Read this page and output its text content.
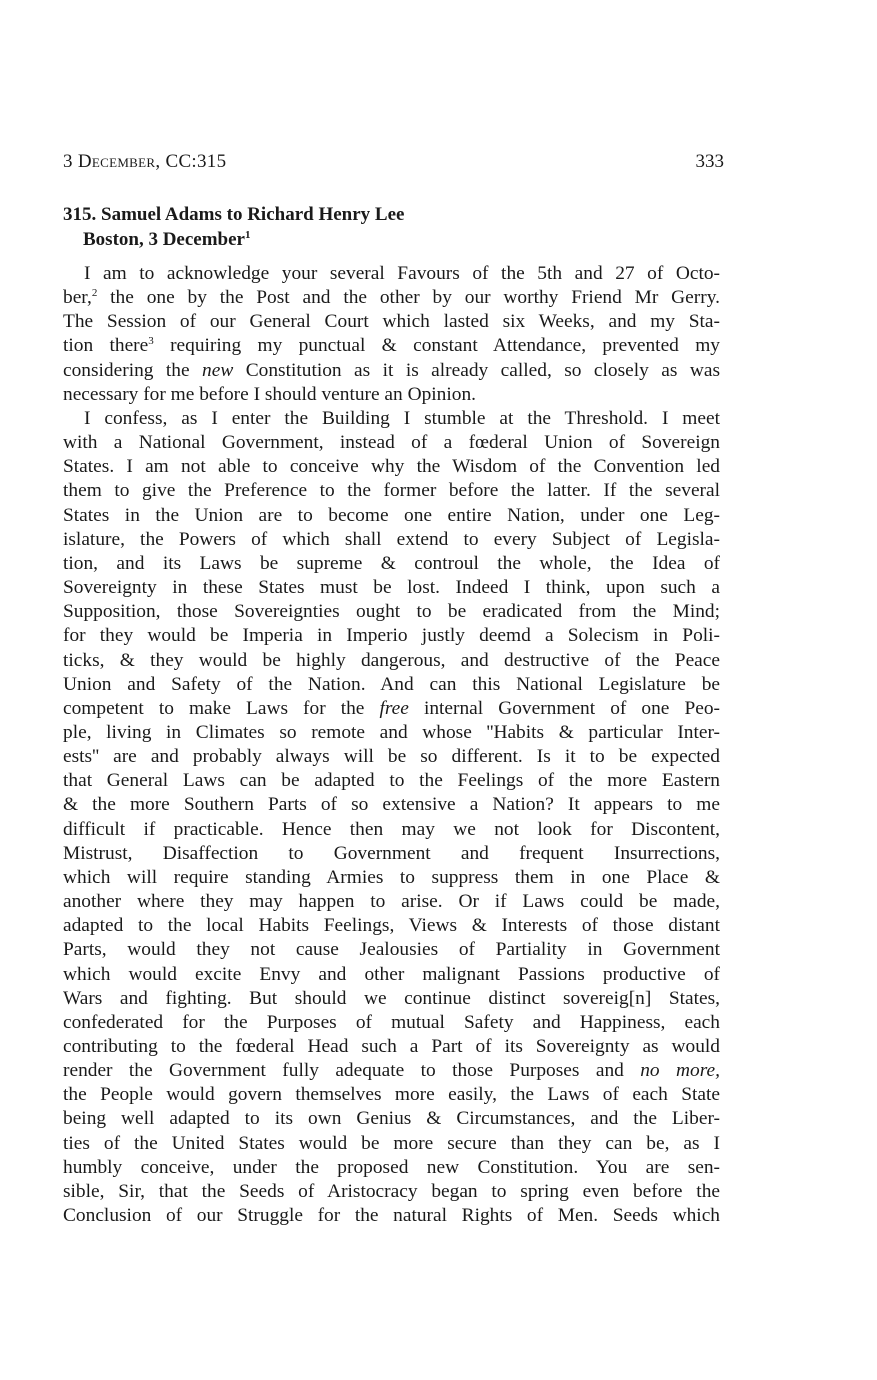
3 December, CC:315	333
315. Samuel Adams to Richard Henry Lee
Boston, 3 December$^1$
I am to acknowledge your several Favours of the 5th and 27 of Octo-
ber,$^2$ the one by the Post and the other by our worthy Friend Mr Gerry.
The Session of our General Court which lasted six Weeks, and my Sta-
tion there$^3$ requiring my punctual & constant Attendance, prevented my
considering the new Constitution as it is already called, so closely as was
necessary for me before I should venture an Opinion.
I confess, as I enter the Building I stumble at the Threshold. I meet
with a National Government, instead of a fœderal Union of Sovereign
States. I am not able to conceive why the Wisdom of the Convention led
them to give the Preference to the former before the latter. If the several
States in the Union are to become one entire Nation, under one Leg-
islature, the Powers of which shall extend to every Subject of Legisla-
tion, and its Laws be supreme & controul the whole, the Idea of
Sovereignty in these States must be lost. Indeed I think, upon such a
Supposition, those Sovereignties ought to be eradicated from the Mind;
for they would be Imperia in Imperio justly deemd a Solecism in Poli-
ticks, & they would be highly dangerous, and destructive of the Peace
Union and Safety of the Nation. And can this National Legislature be
competent to make Laws for the free internal Government of one Peo-
ple, living in Climates so remote and whose ''Habits & particular Inter-
ests'' are and probably always will be so different. Is it to be expected
that General Laws can be adapted to the Feelings of the more Eastern
& the more Southern Parts of so extensive a Nation? It appears to me
difficult if practicable. Hence then may we not look for Discontent,
Mistrust, Disaffection to Government and frequent Insurrections,
which will require standing Armies to suppress them in one Place &
another where they may happen to arise. Or if Laws could be made,
adapted to the local Habits Feelings, Views & Interests of those distant
Parts, would they not cause Jealousies of Partiality in Government
which would excite Envy and other malignant Passions productive of
Wars and fighting. But should we continue distinct sovereig[n] States,
confederated for the Purposes of mutual Safety and Happiness, each
contributing to the fœderal Head such a Part of its Sovereignty as would
render the Government fully adequate to those Purposes and no more,
the People would govern themselves more easily, the Laws of each State
being well adapted to its own Genius & Circumstances, and the Liber-
ties of the United States would be more secure than they can be, as I
humbly conceive, under the proposed new Constitution. You are sen-
sible, Sir, that the Seeds of Aristocracy began to spring even before the
Conclusion of our Struggle for the natural Rights of Men. Seeds which
